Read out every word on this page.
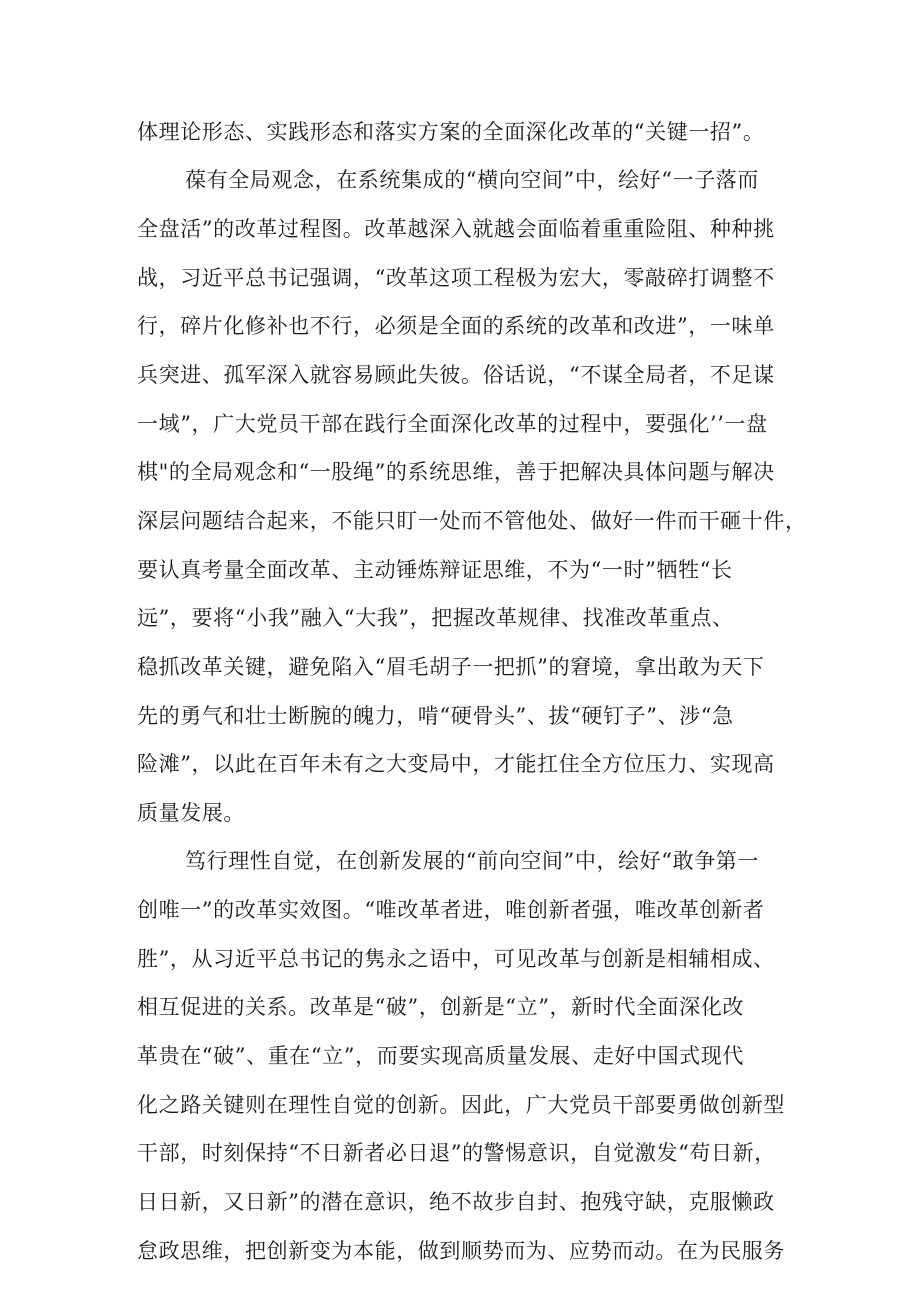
体理论形态、实践形态和落实方案的全面深化改革的“关键一招”。
葆有全局观念，在系统集成的“横向空间”中，绘好“一子落而
全盘活”的改革过程图。改革越深入就越会面临着重重险阻、种种挑
战，习近平总书记强调，“改革这项工程极为宏大，零敲碎打调整不
行，碎片化修补也不行，必须是全面的系统的改革和改进”，一味单
兵突进、孤军深入就容易顾此失彼。俗话说，“不谋全局者，不足谋
一域”，广大党员干部在践行全面深化改革的过程中，要强化’’一盘
棋"的全局观念和“一股绳”的系统思维，善于把解决具体问题与解决
深层问题结合起来，不能只盯一处而不管他处、做好一件而干砸十件，
要认真考量全面改革、主动锤炼辩证思维，不为“一时”牺牲“长
远”，要将“小我”融入“大我”，把握改革规律、找准改革重点、
稳抓改革关键，避免陷入“眉毛胡子一把抓”的窘境，拿出敢为天下
先的勇气和壮士断腕的魄力，啃“硬骨头”、拔“硬钉子”、涉“急
险滩”，以此在百年未有之大变局中，才能扛住全方位压力、实现高
质量发展。
笃行理性自觉，在创新发展的“前向空间”中，绘好“敢争第一
创唯一”的改革实效图。“唯改革者进，唯创新者强，唯改革创新者
胜”，从习近平总书记的隽永之语中，可见改革与创新是相辅相成、
相互促进的关系。改革是“破”，创新是“立”，新时代全面深化改
革贵在“破”、重在“立”，而要实现高质量发展、走好中国式现代
化之路关键则在理性自觉的创新。因此，广大党员干部要勇做创新型
干部，时刻保持“不日新者必日退”的警惕意识，自觉激发“苟日新，
日日新，又日新”的潜在意识，绝不故步自封、抱残守缺，克服懒政
怠政思维，把创新变为本能，做到顺势而为、应势而动。在为民服务
